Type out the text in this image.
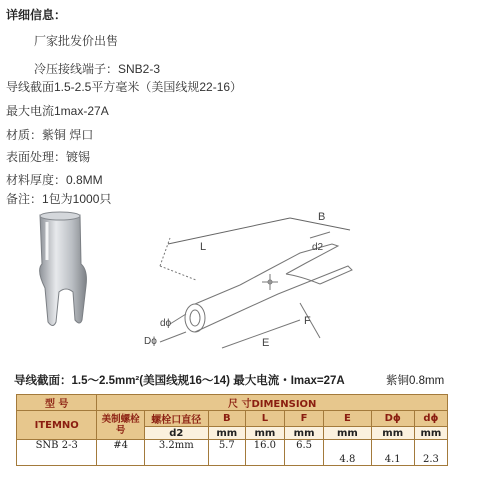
详细信息：
厂家批发价出售
冷压接线端子：SNB2-3
导线截面1.5-2.5平方毫米（美国线规22-16）
最大电流1max-27A
材质：紫铜 焊口
表面处理：镀锡
材料厚度：0.8MM
备注：1包为1000只
L
B
d2
F
E
dϕ
Dϕ
导线截面：1.5～2.5mm²(美国线规16～14) 最大电流・Imax=27A	紫铜0.8mm
型 号	尺 寸DIMENSION							
ITEMNO	美制螺栓号	螺栓口直径	B	L	F	E	Dϕ	dϕ
		d2	mm	mm	mm	mm	mm	mm
SNB 2-3	#4	3.2mm	5.7	16.0	6.5	4.8	4.1	2.3
